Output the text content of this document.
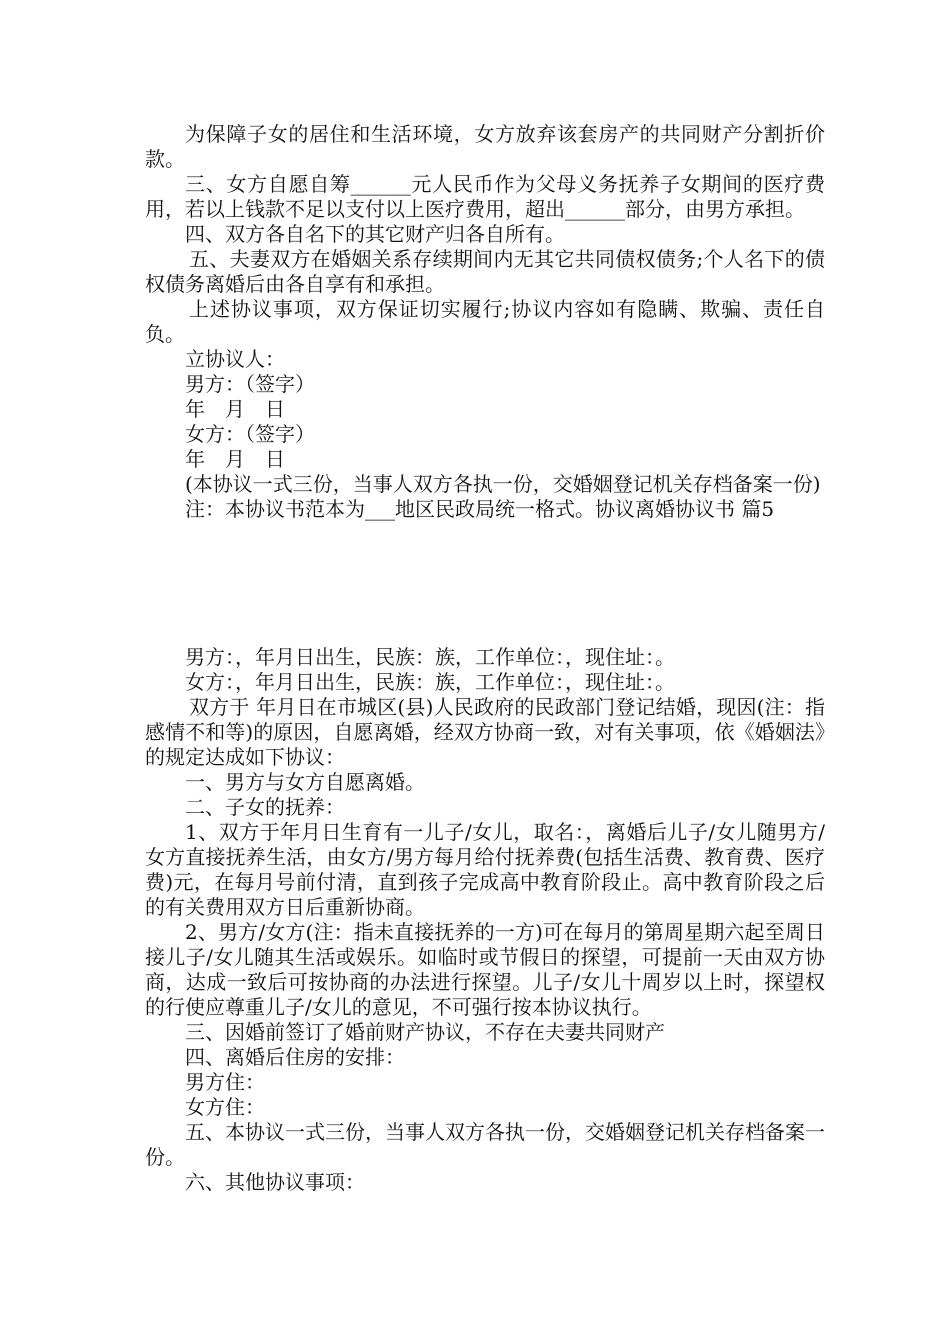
为保障子女的居住和生活环境，女方放弃该套房产的共同财产分割折价款。

三、女方自愿自筹______元人民币作为父母义务抚养子女期间的医疗费用，若以上钱款不足以支付以上医疗费用，超出______部分，由男方承担。

四、双方各自名下的其它财产归各自所有。

五、夫妻双方在婚姻关系存续期间内无其它共同债权债务;个人名下的债权债务离婚后由各自享有和承担。

上述协议事项，双方保证切实履行;协议内容如有隐瞒、欺骗、责任自负。

立协议人：

男方：（签字）

年　月　日

女方：（签字）

年　月　日

(本协议一式三份，当事人双方各执一份，交婚姻登记机关存档备案一份)

注：本协议书范本为___地区民政局统一格式。协议离婚协议书 篇5

男方：，年月日出生，民族：族，工作单位：，现住址：。

女方：，年月日出生，民族：族，工作单位：，现住址：。

双方于 年月日在市城区(县)人民政府的民政部门登记结婚，现因(注：指感情不和等)的原因，自愿离婚，经双方协商一致，对有关事项，依《婚姻法》的规定达成如下协议：

一、男方与女方自愿离婚。

二、子女的抚养：

1、双方于年月日生育有一儿子/女儿，取名：，离婚后儿子/女儿随男方/女方直接抚养生活，由女方/男方每月给付抚养费(包括生活费、教育费、医疗费)元，在每月号前付清，直到孩子完成高中教育阶段止。高中教育阶段之后的有关费用双方日后重新协商。

2、男方/女方(注：指未直接抚养的一方)可在每月的第周星期六起至周日接儿子/女儿随其生活或娱乐。如临时或节假日的探望，可提前一天由双方协商，达成一致后可按协商的办法进行探望。儿子/女儿十周岁以上时，探望权的行使应尊重儿子/女儿的意见，不可强行按本协议执行。

三、因婚前签订了婚前财产协议，不存在夫妻共同财产

四、离婚后住房的安排：

男方住：

女方住：

五、本协议一式三份，当事人双方各执一份，交婚姻登记机关存档备案一份。

六、其他协议事项：
